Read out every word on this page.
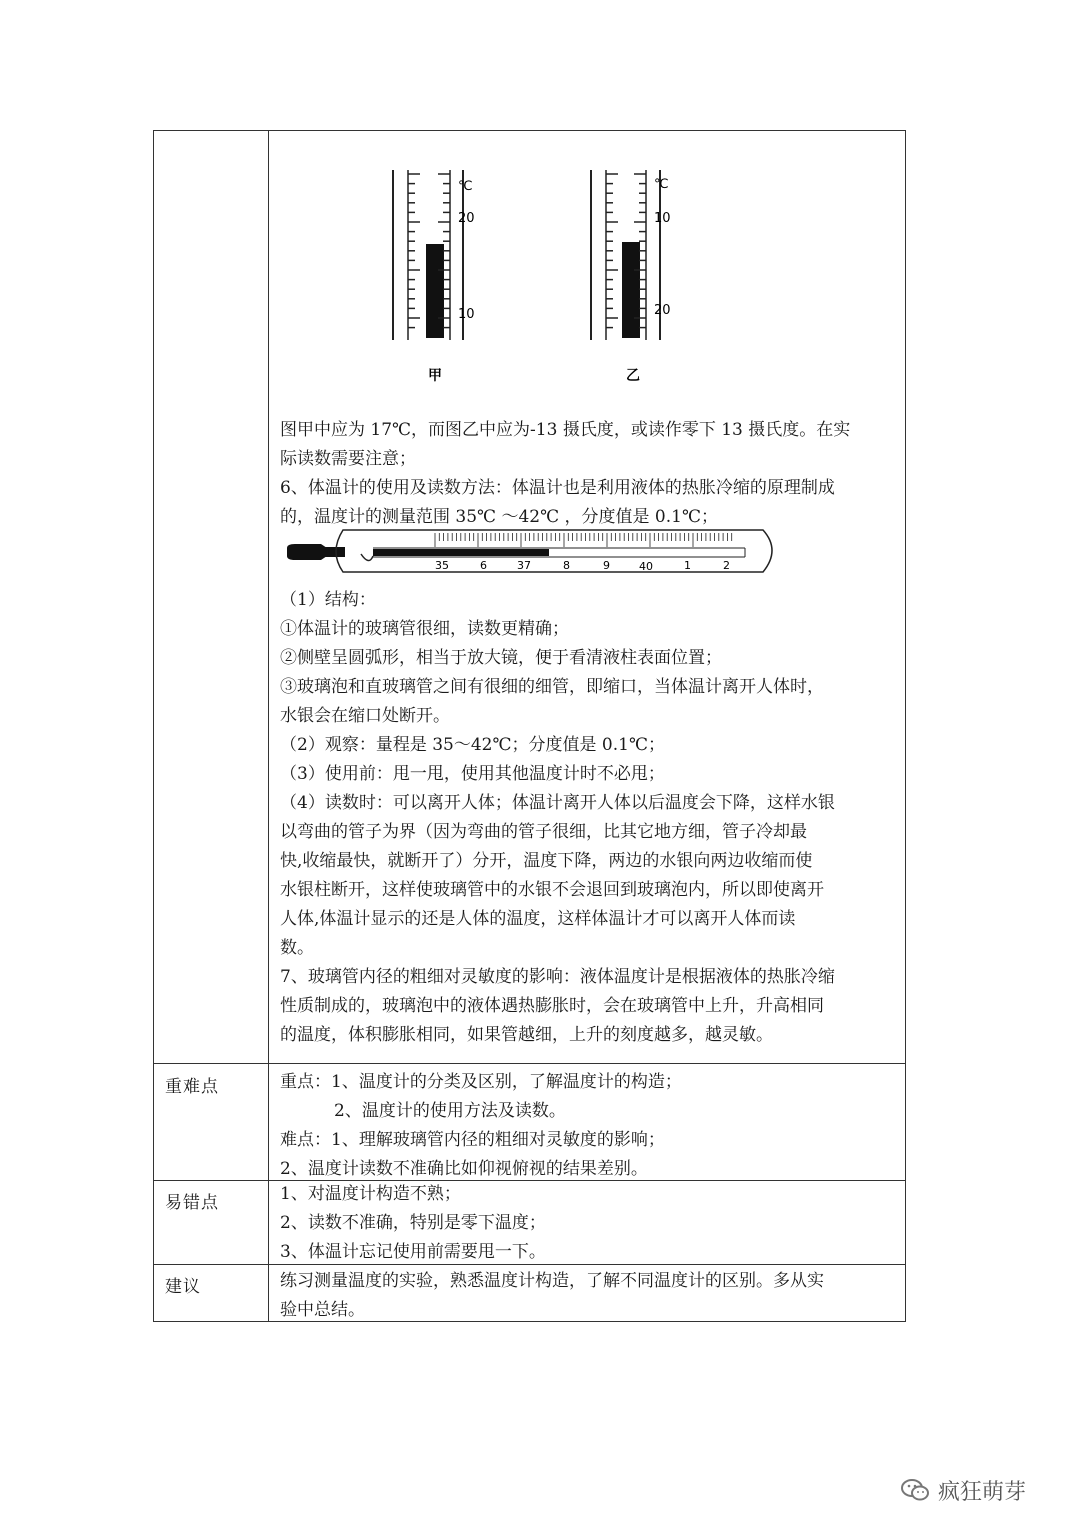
℃
20
10
甲
℃
10
20
乙
图甲中应为 17℃，而图乙中应为-13 摄氏度，或读作零下 13 摄氏度。在实
际读数需要注意；
6、体温计的使用及读数方法：体温计也是利用液体的热胀冷缩的原理制成
的，温度计的测量范围 35℃ ～42℃ ，分度值是 0.1℃；
35	6	37	8	9	40	1	2
（1）结构：
①体温计的玻璃管很细，读数更精确；
②侧壁呈圆弧形，相当于放大镜，便于看清液柱表面位置；
③玻璃泡和直玻璃管之间有很细的细管，即缩口，当体温计离开人体时，
水银会在缩口处断开。
（2）观察：量程是 35～42℃；分度值是 0.1℃；
（3）使用前：甩一甩，使用其他温度计时不必甩；
（4）读数时：可以离开人体；体温计离开人体以后温度会下降，这样水银
以弯曲的管子为界（因为弯曲的管子很细，比其它地方细，管子冷却最
快,收缩最快，就断开了）分开，温度下降，两边的水银向两边收缩而使
水银柱断开，这样使玻璃管中的水银不会退回到玻璃泡内，所以即使离开
人体,体温计显示的还是人体的温度，这样体温计才可以离开人体而读
数。
7、玻璃管内径的粗细对灵敏度的影响：液体温度计是根据液体的热胀冷缩
性质制成的，玻璃泡中的液体遇热膨胀时，会在玻璃管中上升，升高相同
的温度，体积膨胀相同，如果管越细，上升的刻度越多，越灵敏。
重难点	重点：1、温度计的分类及区别，了解温度计的构造；
2、温度计的使用方法及读数。
难点：1、理解玻璃管内径的粗细对灵敏度的影响；
2、温度计读数不准确比如仰视俯视的结果差别。
易错点	1、对温度计构造不熟；
2、读数不准确，特别是零下温度；
3、体温计忘记使用前需要甩一下。
建议	练习测量温度的实验，熟悉温度计构造，了解不同温度计的区别。多从实
验中总结。
疯狂萌芽
